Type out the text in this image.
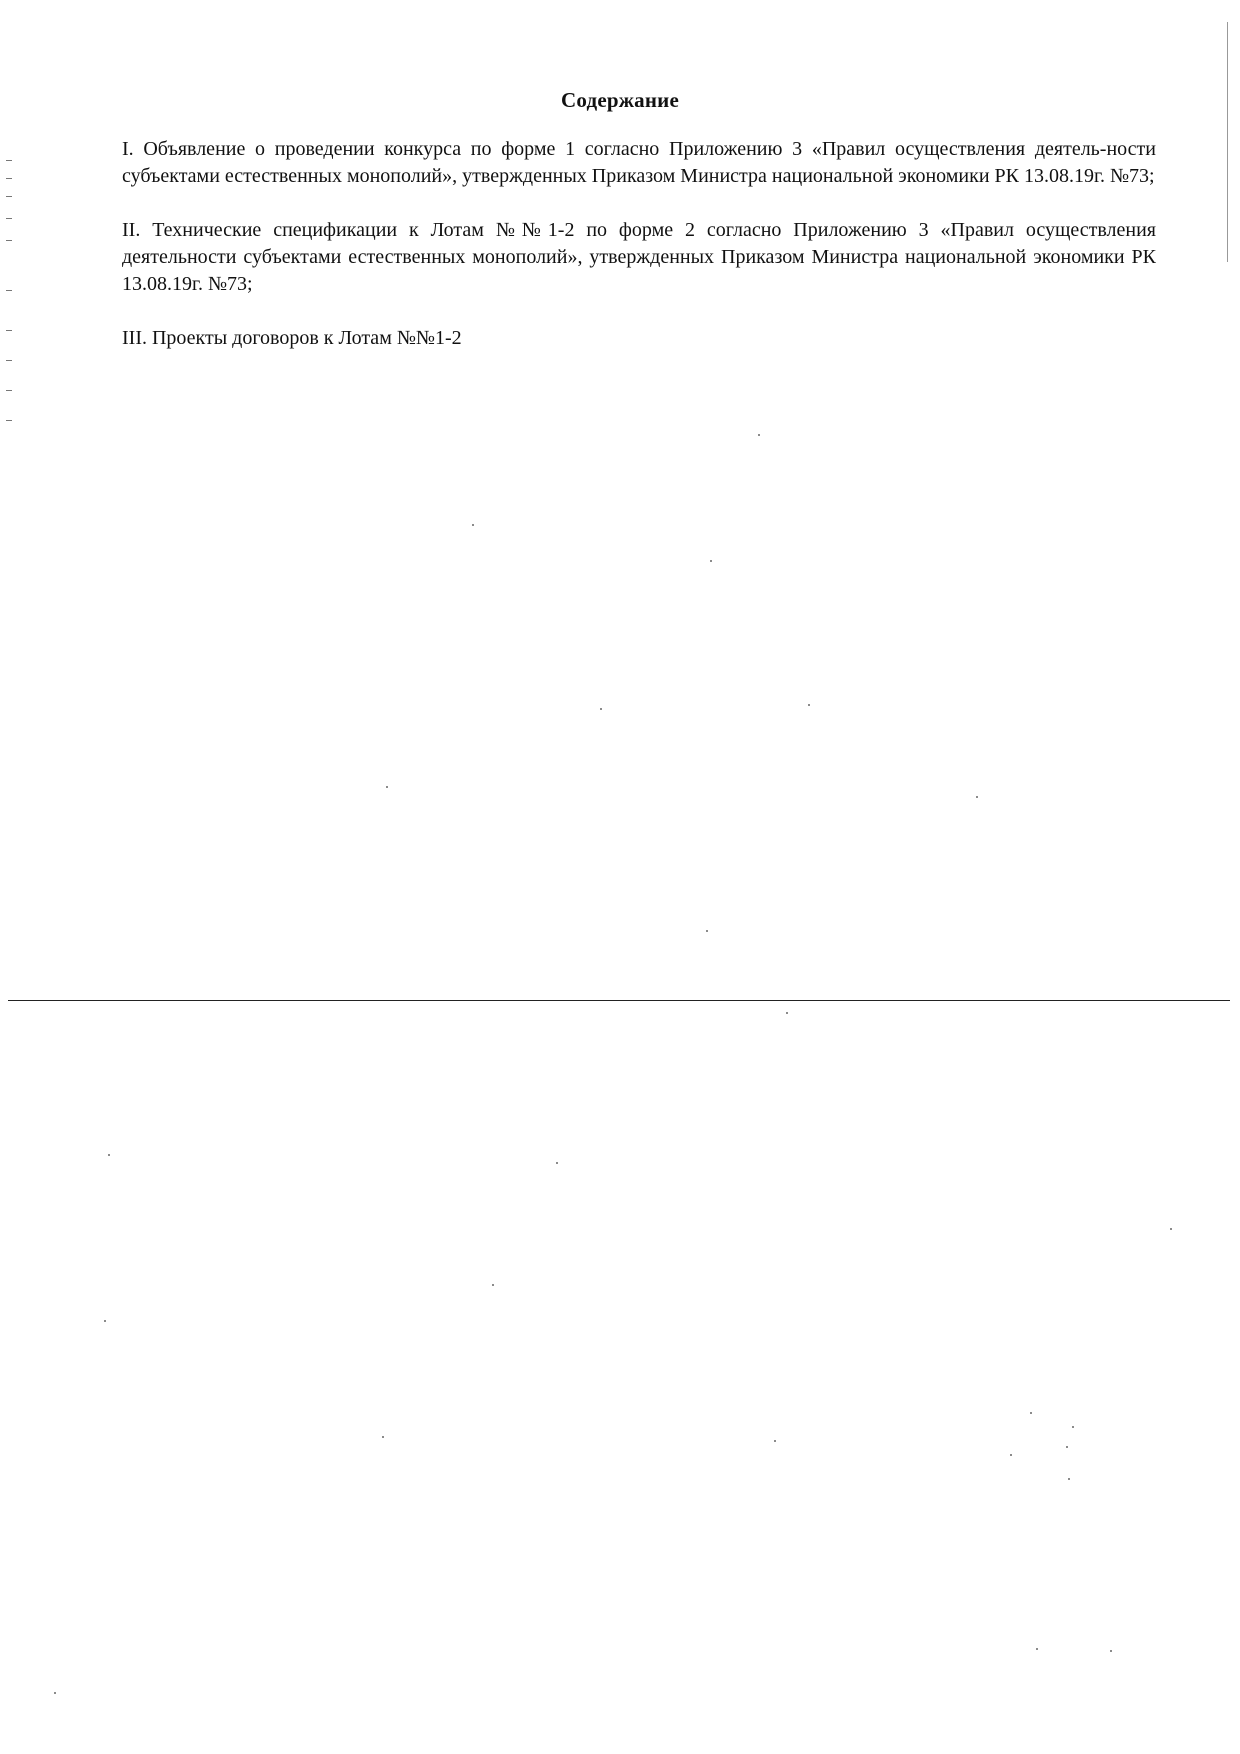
Содержание

I. Объявление о проведении конкурса по форме 1 согласно Приложению 3 «Правил осуществления деятель-ности субъектами естественных монополий», утвержденных Приказом Министра национальной экономики РК 13.08.19г. №73;

II. Технические спецификации к Лотам №№1-2 по форме 2 согласно Приложению 3 «Правил осуществления деятельности субъектами естественных монополий», утвержденных Приказом Министра национальной экономики РК 13.08.19г. №73;

III. Проекты договоров к Лотам №№1-2
